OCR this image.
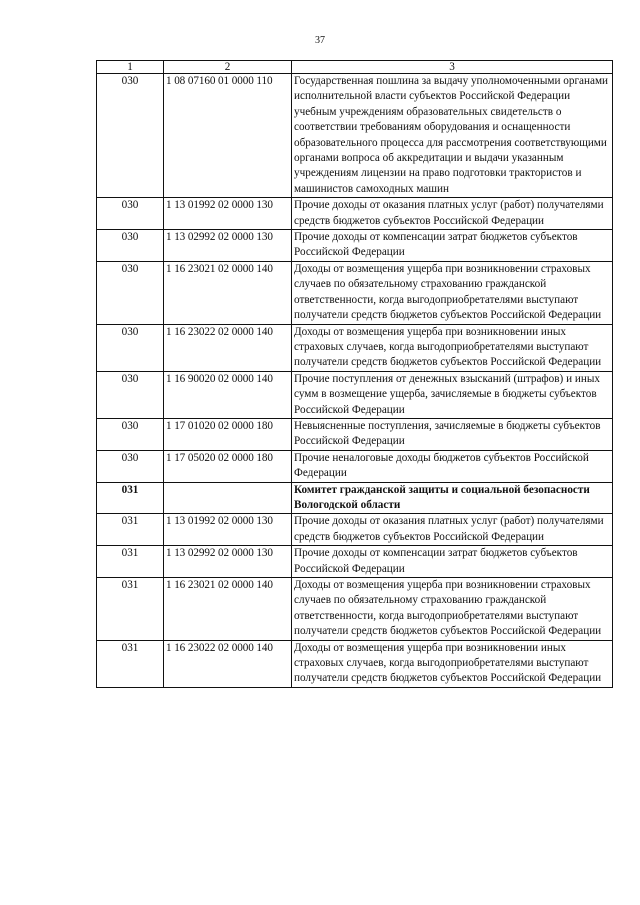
37
1	2	3
030	1 08 07160 01 0000 110	Государственная пошлина за выдачу уполномоченными органами исполнительной власти субъектов Российской Федерации учебным учреждениям образовательных свидетельств о соответствии требованиям оборудования и оснащенности образовательного процесса для рассмотрения соответствующими органами вопроса об аккредитации и выдачи указанным учреждениям лицензии на право подготовки трактористов и машинистов самоходных машин
030	1 13 01992 02 0000 130	Прочие доходы от оказания платных услуг (работ) получателями средств бюджетов субъектов Российской Федерации
030	1 13 02992 02 0000 130	Прочие доходы от компенсации затрат бюджетов субъектов Российской Федерации
030	1 16 23021 02 0000 140	Доходы от возмещения ущерба при возникновении страховых случаев по обязательному страхованию гражданской ответственности, когда выгодоприобретателями выступают получатели средств бюджетов субъектов Российской Федерации
030	1 16 23022 02 0000 140	Доходы от возмещения ущерба при возникновении иных страховых случаев, когда выгодоприобретателями выступают получатели средств бюджетов субъектов Российской Федерации
030	1 16 90020 02 0000 140	Прочие поступления от денежных взысканий (штрафов) и иных сумм в возмещение ущерба, зачисляемые в бюджеты субъектов Российской Федерации
030	1 17 01020 02 0000 180	Невыясненные поступления, зачисляемые в бюджеты субъектов Российской Федерации
030	1 17 05020 02 0000 180	Прочие неналоговые доходы бюджетов субъектов Российской Федерации
031		Комитет гражданской защиты и социальной безопасности Вологодской области
031	1 13 01992 02 0000 130	Прочие доходы от оказания платных услуг (работ) получателями средств бюджетов субъектов Российской Федерации
031	1 13 02992 02 0000 130	Прочие доходы от компенсации затрат бюджетов субъектов Российской Федерации
031	1 16 23021 02 0000 140	Доходы от возмещения ущерба при возникновении страховых случаев по обязательному страхованию гражданской ответственности, когда выгодоприобретателями выступают получатели средств бюджетов субъектов Российской Федерации
031	1 16 23022 02 0000 140	Доходы от возмещения ущерба при возникновении иных страховых случаев, когда выгодоприобретателями выступают получатели средств бюджетов субъектов Российской Федерации
